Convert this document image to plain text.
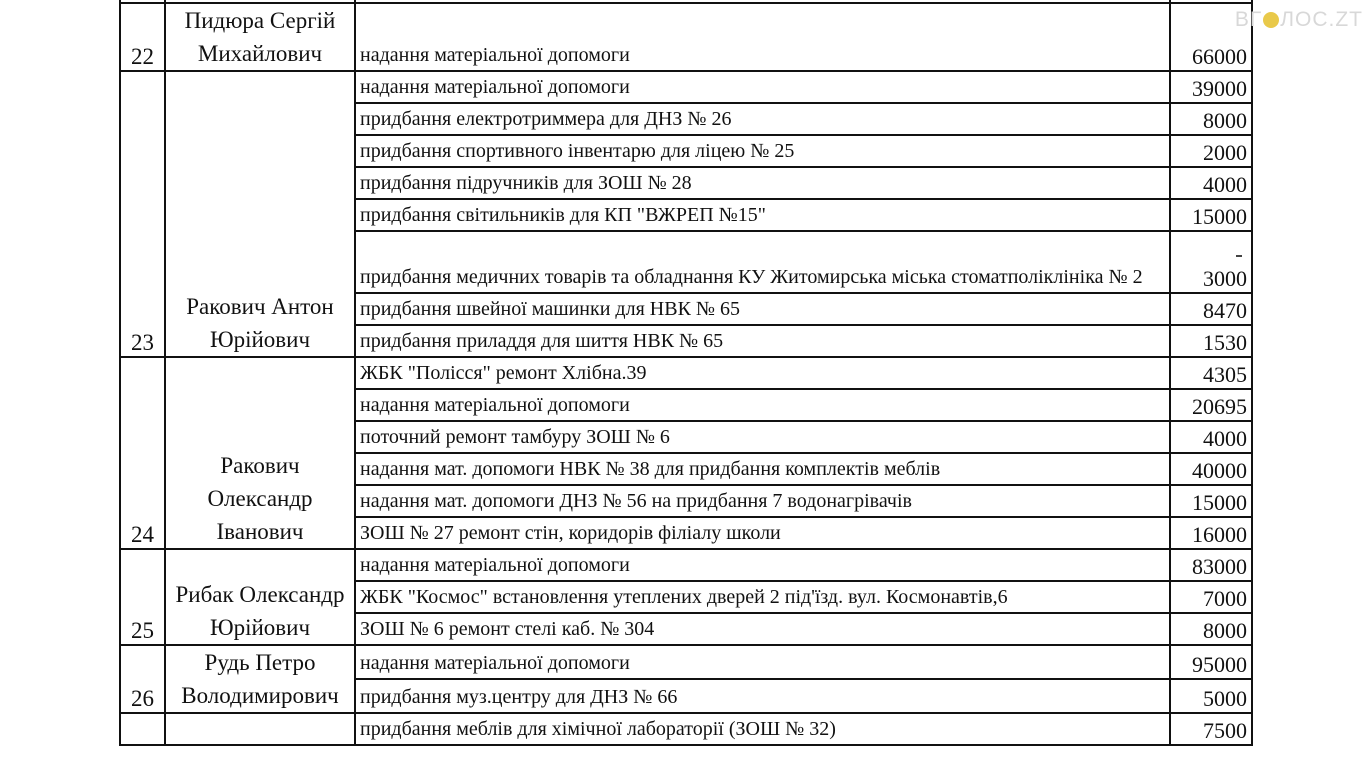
22	Пидюра Сергій Михайлович	надання матеріальної допомоги	66000
23	Ракович Антон Юрійович	надання матеріальної допомоги	39000
		придбання електротриммера для ДНЗ № 26	8000
		придбання спортивного інвентарю для ліцею № 25	2000
		придбання підручників для ЗОШ № 28	4000
		придбання світильників для КП "ВЖРЕП №15"	15000
		придбання медичних товарів та обладнання КУ Житомирська міська стоматполіклініка № 2	3000
		придбання швейної машинки для НВК № 65	8470
		придбання приладдя для шиття НВК № 65	1530
24	Ракович Олександр Іванович	ЖБК "Полісся" ремонт Хлібна.39	4305
		надання матеріальної допомоги	20695
		поточний ремонт тамбуру ЗОШ № 6	4000
		надання мат. допомоги НВК № 38 для придбання комплектів меблів	40000
		надання мат. допомоги ДНЗ № 56 на придбання 7 водонагрівачів	15000
		ЗОШ № 27 ремонт стін, коридорів філіалу школи	16000
25	Рибак Олександр Юрійович	надання матеріальної допомоги	83000
		ЖБК "Космос" встановлення утеплених дверей 2 під'їзд. вул. Космонавтів,6	7000
		ЗОШ № 6 ремонт стелі каб. № 304	8000
26	Рудь Петро Володимирович	надання матеріальної допомоги	95000
		придбання муз.центру для ДНЗ № 66	5000
		придбання меблів для хімічної лабораторії (ЗОШ № 32)	7500
ВГ ЛОС.ZT
